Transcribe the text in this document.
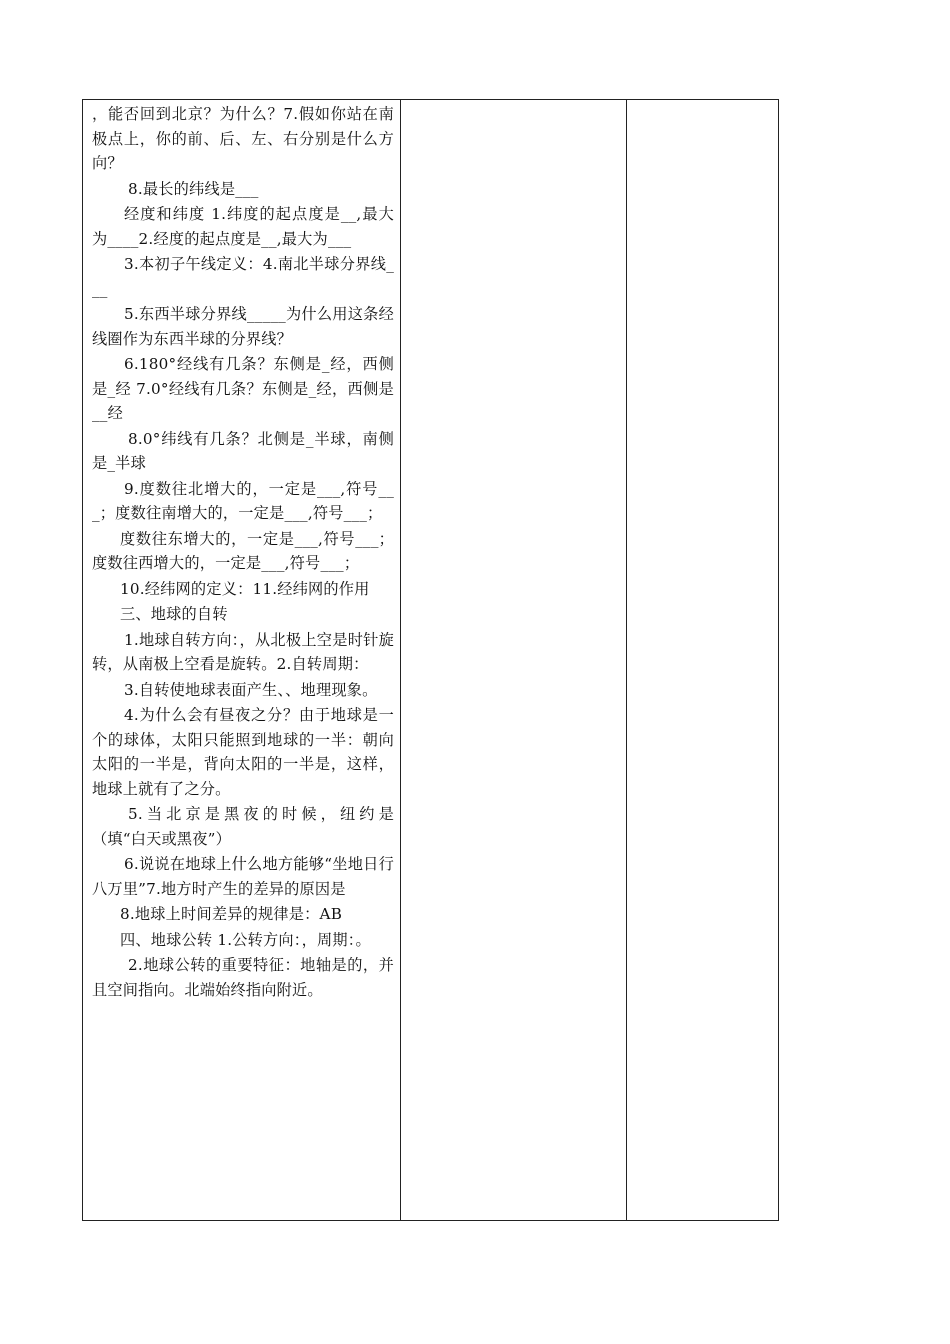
，能否回到北京？为什么？7.假如你站在南极点上，你的前、后、左、右分别是什么方向？

8.最长的纬线是___

经度和纬度 1.纬度的起点度是__,最大为____2.经度的起点度是__,最大为___

3.本初子午线定义：4.南北半球分界线___

5.东西半球分界线_____为什么用这条经线圈作为东西半球的分界线？

6.180°经线有几条？东侧是_经，西侧是_经 7.0°经线有几条？东侧是_经，西侧是__经

8.0°纬线有几条？北侧是_半球，南侧是_半球

9.度数往北增大的，一定是___,符号___；度数往南增大的，一定是___,符号___；

度数往东增大的，一定是___,符号___；度数往西增大的，一定是___,符号___；

10.经纬网的定义：11.经纬网的作用

三、地球的自转

1.地球自转方向：，从北极上空是时针旋转，从南极上空看是旋转。2.自转周期：

3.自转使地球表面产生、、地理现象。

4.为什么会有昼夜之分？由于地球是一个的球体，太阳只能照到地球的一半：朝向太阳的一半是，背向太阳的一半是，这样，地球上就有了之分。

5.当北京是黑夜的时候，纽约是（填“白天或黑夜”）

6.说说在地球上什么地方能够“坐地日行八万里”7.地方时产生的差异的原因是

8.地球上时间差异的规律是：AB

四、地球公转 1.公转方向：，周期：。

2.地球公转的重要特征：地轴是的，并且空间指向。北端始终指向附近。
